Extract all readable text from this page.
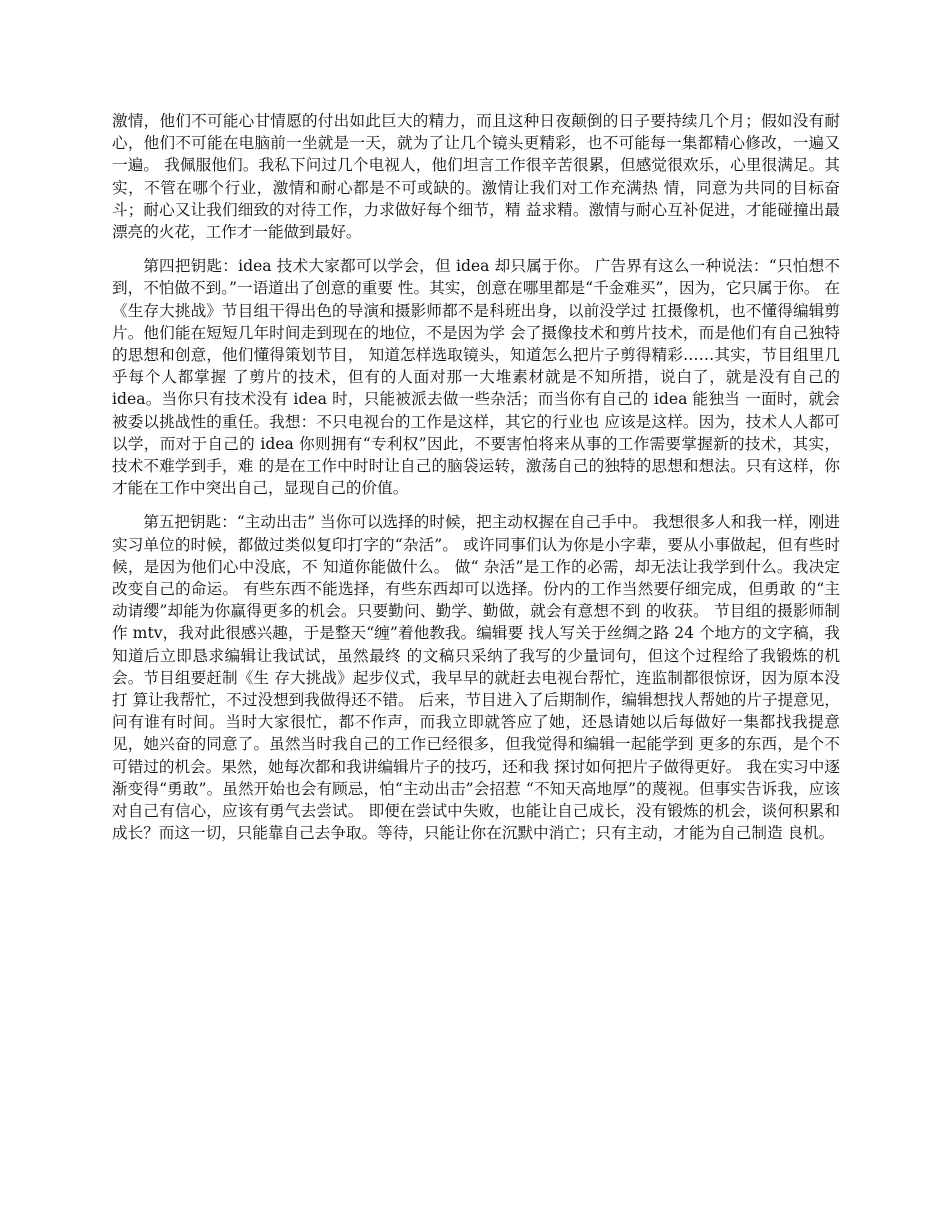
激情，他们不可能心甘情愿的付出如此巨大的精力，而且这种日夜颠倒的日子要持续几个月；假如没有耐心，他们不可能在电脑前一坐就是一天，就为了让几个镜头更精彩，也不可能每一集都精心修改，一遍又一遍。 我佩服他们。我私下问过几个电视人，他们坦言工作很辛苦很累，但感觉很欢乐，心里很满足。其实，不管在哪个行业，激情和耐心都是不可或缺的。激情让我们对工作充满热 情，同意为共同的目标奋斗；耐心又让我们细致的对待工作，力求做好每个细节，精 益求精。激情与耐心互补促进，才能碰撞出最漂亮的火花，工作才一能做到最好。

第四把钥匙：idea 技术大家都可以学会，但 idea 却只属于你。 广告界有这么一种说法：“只怕想不到，不怕做不到。”一语道出了创意的重要 性。其实，创意在哪里都是“千金难买”，因为，它只属于你。 在《生存大挑战》节目组干得出色的导演和摄影师都不是科班出身，以前没学过 扛摄像机，也不懂得编辑剪片。他们能在短短几年时间走到现在的地位，不是因为学 会了摄像技术和剪片技术，而是他们有自己独特的思想和创意，他们懂得策划节目， 知道怎样选取镜头，知道怎么把片子剪得精彩……其实，节目组里几乎每个人都掌握 了剪片的技术，但有的人面对那一大堆素材就是不知所措，说白了，就是没有自己的 idea。当你只有技术没有 idea 时，只能被派去做一些杂活；而当你有自己的 idea 能独当 一面时，就会被委以挑战性的重任。我想：不只电视台的工作是这样，其它的行业也 应该是这样。因为，技术人人都可以学，而对于自己的 idea 你则拥有“专利权”因此，不要害怕将来从事的工作需要掌握新的技术，其实，技术不难学到手，难 的是在工作中时时让自己的脑袋运转，激荡自己的独特的思想和想法。只有这样，你 才能在工作中突出自己，显现自己的价值。

第五把钥匙：“主动出击” 当你可以选择的时候，把主动权握在自己手中。 我想很多人和我一样，刚进实习单位的时候，都做过类似复印打字的“杂活”。 或许同事们认为你是小字辈，要从小事做起，但有些时候，是因为他们心中没底，不 知道你能做什么。 做“ 杂活”是工作的必需，却无法让我学到什么。我决定改变自己的命运。 有些东西不能选择，有些东西却可以选择。份内的工作当然要仔细完成，但勇敢 的“主动请缨”却能为你赢得更多的机会。只要勤问、勤学、勤做，就会有意想不到 的收获。 节目组的摄影师制作 mtv，我对此很感兴趣，于是整天“缠”着他教我。编辑要 找人写关于丝绸之路 24 个地方的文字稿，我知道后立即恳求编辑让我试试，虽然最终 的文稿只采纳了我写的少量词句，但这个过程给了我锻炼的机会。节目组要赶制《生 存大挑战》起步仪式，我早早的就赶去电视台帮忙，连监制都很惊讶，因为原本没打 算让我帮忙，不过没想到我做得还不错。 后来，节目进入了后期制作，编辑想找人帮她的片子提意见，问有谁有时间。当时大家很忙，都不作声，而我立即就答应了她，还恳请她以后每做好一集都找我提意见，她兴奋的同意了。虽然当时我自己的工作已经很多，但我觉得和编辑一起能学到 更多的东西，是个不可错过的机会。果然，她每次都和我讲编辑片子的技巧，还和我 探讨如何把片子做得更好。 我在实习中逐渐变得“勇敢”。虽然开始也会有顾忌，怕“主动出击”会招惹 “不知天高地厚”的蔑视。但事实告诉我，应该对自己有信心，应该有勇气去尝试。 即便在尝试中失败，也能让自己成长，没有锻炼的机会，谈何积累和成长？而这一切，只能靠自己去争取。等待，只能让你在沉默中消亡；只有主动，才能为自己制造 良机。
